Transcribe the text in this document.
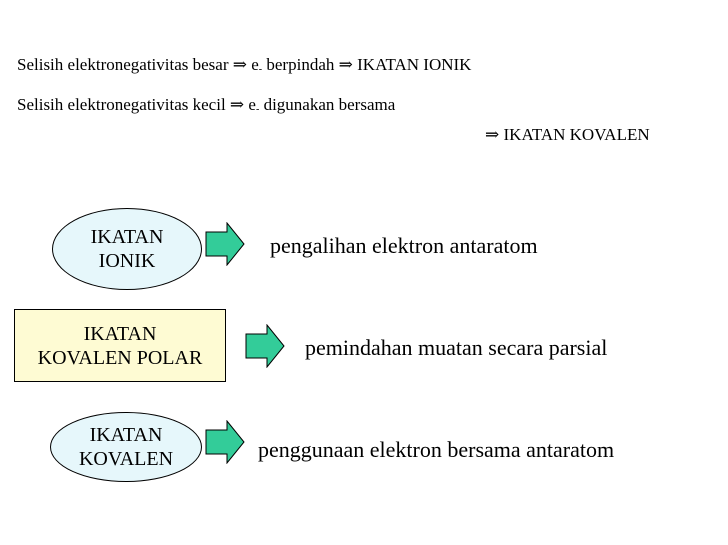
Selisih elektronegativitas besar ⇒ $e_-$ berpindah ⇒ IKATAN IONIK
Selisih elektronegativitas kecil ⇒ $e_-$ digunakan bersama
⇒ IKATAN KOVALEN
IKATAN
IONIK
pengalihan elektron antaratom
IKATAN
KOVALEN POLAR	pemindahan muatan secara parsial
IKATAN
KOVALEN	penggunaan elektron bersama antaratom
